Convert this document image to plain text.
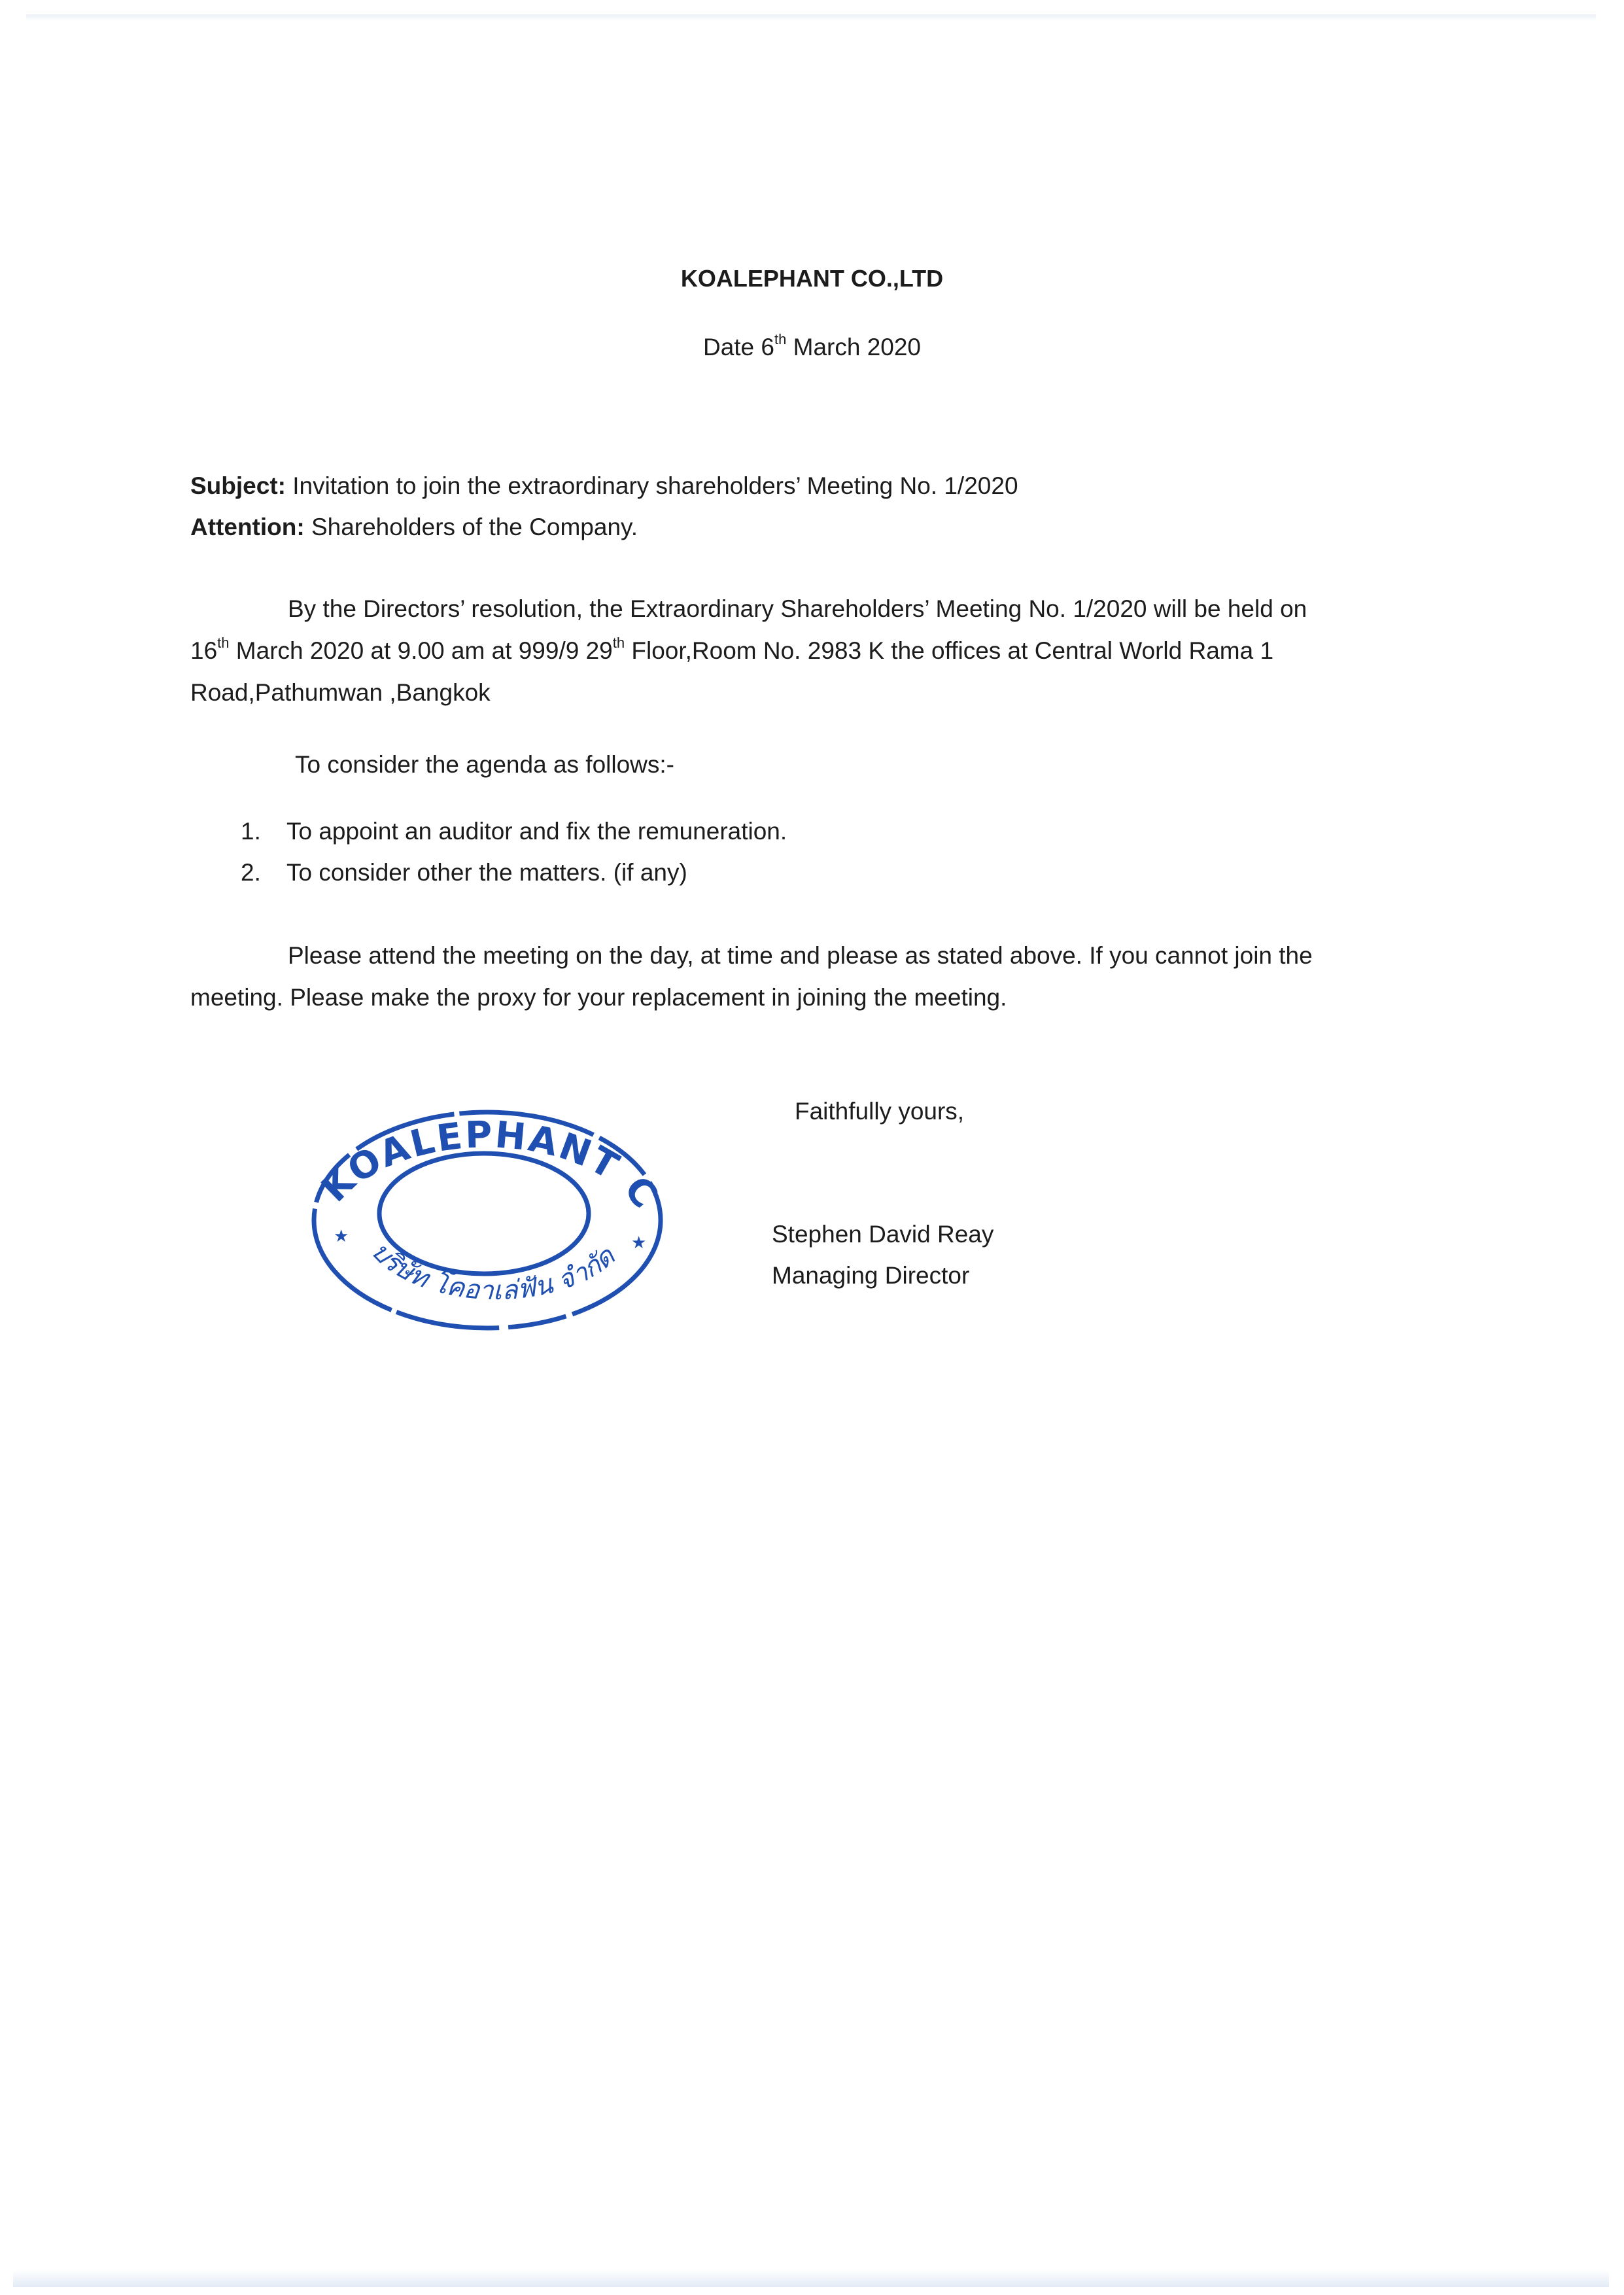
KOALEPHANT CO.,LTD
Date 6th March 2020
Subject: Invitation to join the extraordinary shareholders’ Meeting No. 1/2020
Attention: Shareholders of the Company.
By the Directors’ resolution, the Extraordinary Shareholders’ Meeting No. 1/2020 will be held on
16th March 2020 at 9.00 am at 999/9 29th Floor,Room No. 2983 K the offices at Central World Rama 1
Road,Pathumwan ,Bangkok
To consider the agenda as follows:-
1.	To appoint an auditor and fix the remuneration.
2.	To consider other the matters. (if any)
Please attend the meeting on the day, at time and please as stated above. If you cannot join the
meeting. Please make the proxy for your replacement in joining the meeting.
KOALEPHANT C
บริษัท โคอาเล่ฟัน จำกัด
★	★
Faithfully yours,
Stephen David Reay
Managing Director
